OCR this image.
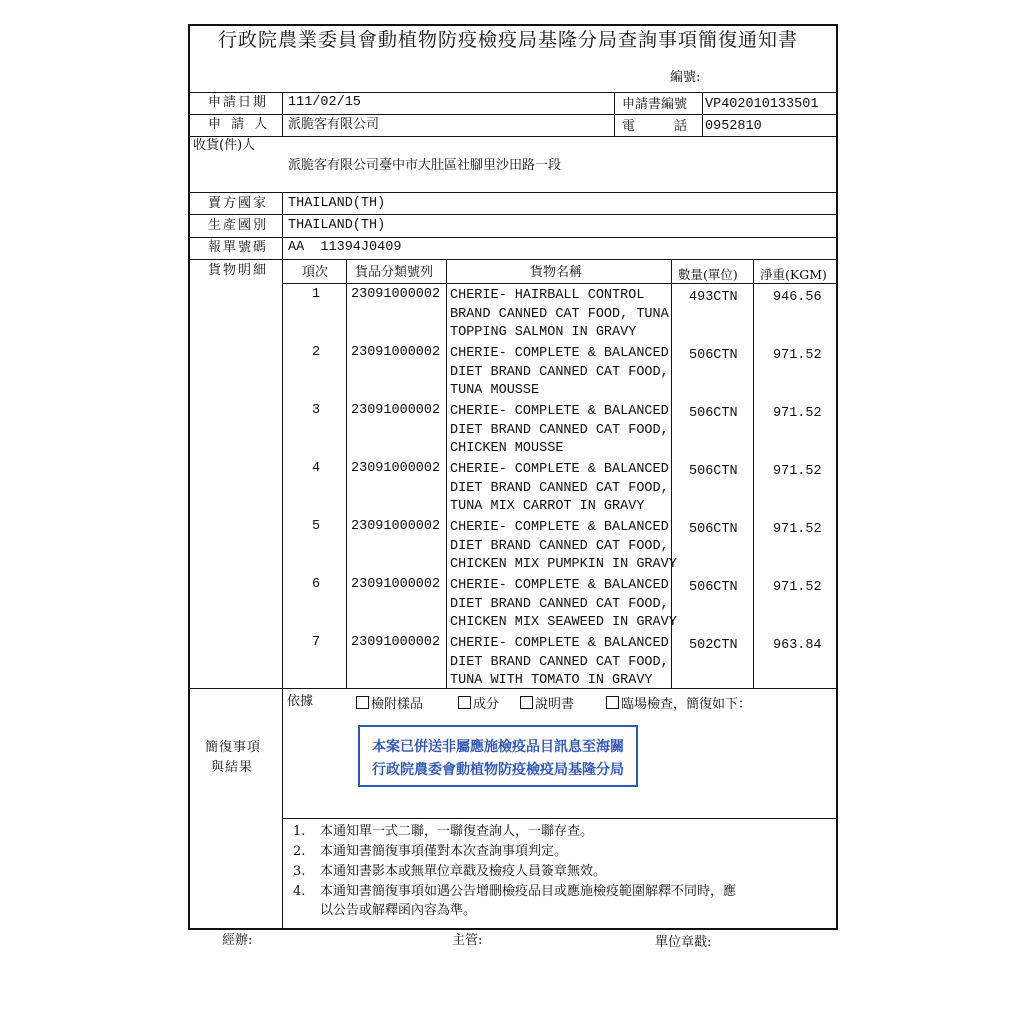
行政院農業委員會動植物防疫檢疫局基隆分局查詢事項簡復通知書
編號:
申請日期 111/02/15	申請書編號 VP402010133501
申 請 人 派脆客有限公司	電　　　話 0952810
收貨(件)人
派脆客有限公司臺中市大肚區社腳里沙田路一段
賣方國家 THAILAND(TH)
生產國別 THAILAND(TH)
報單號碼 AA  11394J0409
貨物明細	項次 貨品分類號列	貨物名稱	數量(單位) 淨重(KGM)
1 23091000002 CHERIE- HAIRBALL CONTROL
BRAND CANNED CAT FOOD, TUNA
TOPPING SALMON IN GRAVY
493CTN	946.56
2 23091000002 CHERIE- COMPLETE & BALANCED
DIET BRAND CANNED CAT FOOD,
TUNA MOUSSE
506CTN	971.52
3 23091000002 CHERIE- COMPLETE & BALANCED
DIET BRAND CANNED CAT FOOD,
CHICKEN MOUSSE
506CTN	971.52
4 23091000002 CHERIE- COMPLETE & BALANCED
DIET BRAND CANNED CAT FOOD,
TUNA MIX CARROT IN GRAVY
506CTN	971.52
5 23091000002 CHERIE- COMPLETE & BALANCED
DIET BRAND CANNED CAT FOOD,
CHICKEN MIX PUMPKIN IN GRAVY
506CTN	971.52
6 23091000002 CHERIE- COMPLETE & BALANCED
DIET BRAND CANNED CAT FOOD,
CHICKEN MIX SEAWEED IN GRAVY
506CTN	971.52
7 23091000002 CHERIE- COMPLETE & BALANCED
DIET BRAND CANNED CAT FOOD,
TUNA WITH TOMATO IN GRAVY
502CTN	963.84
簡復事項
與結果
依據	檢附樣品	成分	說明書	臨場檢查，簡復如下：
本案已倂送非屬應施檢疫品目訊息至海關
行政院農委會動植物防疫檢疫局基隆分局
1. 本通知單一式二聯，一聯復查詢人，一聯存查。
2. 本通知書簡復事項僅對本次查詢事項判定。
3. 本通知書影本或無單位章戳及檢疫人員簽章無效。
4. 本通知書簡復事項如遇公告增刪檢疫品目或應施檢疫範圍解釋不同時，應
以公告或解釋函內容為準。
經辦:	主管:	單位章戳:
